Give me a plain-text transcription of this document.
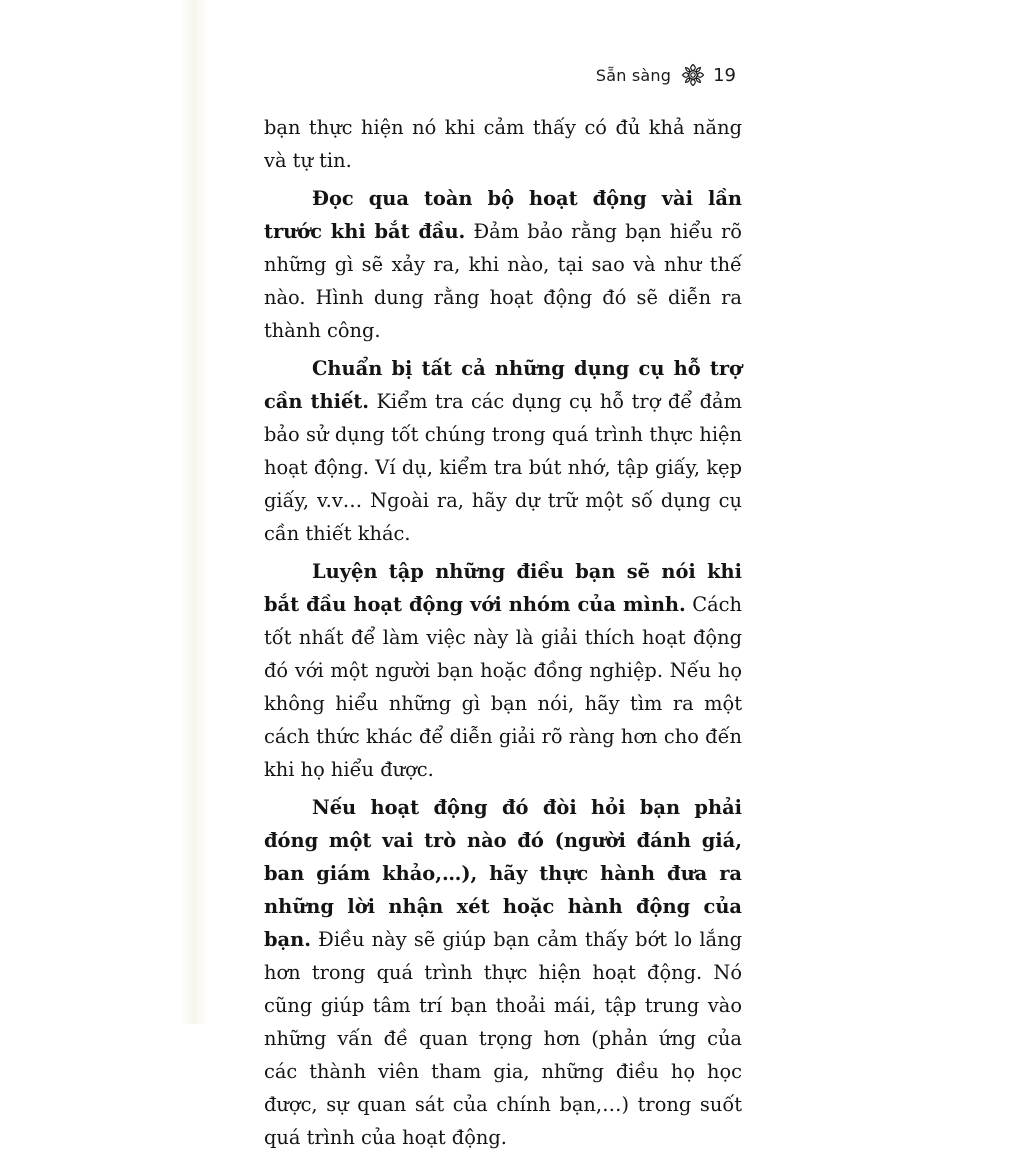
Sẵn sàng 19

bạn thực hiện nó khi cảm thấy có đủ khả năng và tự tin.

Đọc qua toàn bộ hoạt động vài lần trước khi bắt đầu. Đảm bảo rằng bạn hiểu rõ những gì sẽ xảy ra, khi nào, tại sao và như thế nào. Hình dung rằng hoạt động đó sẽ diễn ra thành công.

Chuẩn bị tất cả những dụng cụ hỗ trợ cần thiết. Kiểm tra các dụng cụ hỗ trợ để đảm bảo sử dụng tốt chúng trong quá trình thực hiện hoạt động. Ví dụ, kiểm tra bút nhớ, tập giấy, kẹp giấy, v.v… Ngoài ra, hãy dự trữ một số dụng cụ cần thiết khác.

Luyện tập những điều bạn sẽ nói khi bắt đầu hoạt động với nhóm của mình. Cách tốt nhất để làm việc này là giải thích hoạt động đó với một người bạn hoặc đồng nghiệp. Nếu họ không hiểu những gì bạn nói, hãy tìm ra một cách thức khác để diễn giải rõ ràng hơn cho đến khi họ hiểu được.

Nếu hoạt động đó đòi hỏi bạn phải đóng một vai trò nào đó (người đánh giá, ban giám khảo,…), hãy thực hành đưa ra những lời nhận xét hoặc hành động của bạn. Điều này sẽ giúp bạn cảm thấy bớt lo lắng hơn trong quá trình thực hiện hoạt động. Nó cũng giúp tâm trí bạn thoải mái, tập trung vào những vấn đề quan trọng hơn (phản ứng của các thành viên tham gia, những điều họ học được, sự quan sát của chính bạn,…) trong suốt quá trình của hoạt động.
